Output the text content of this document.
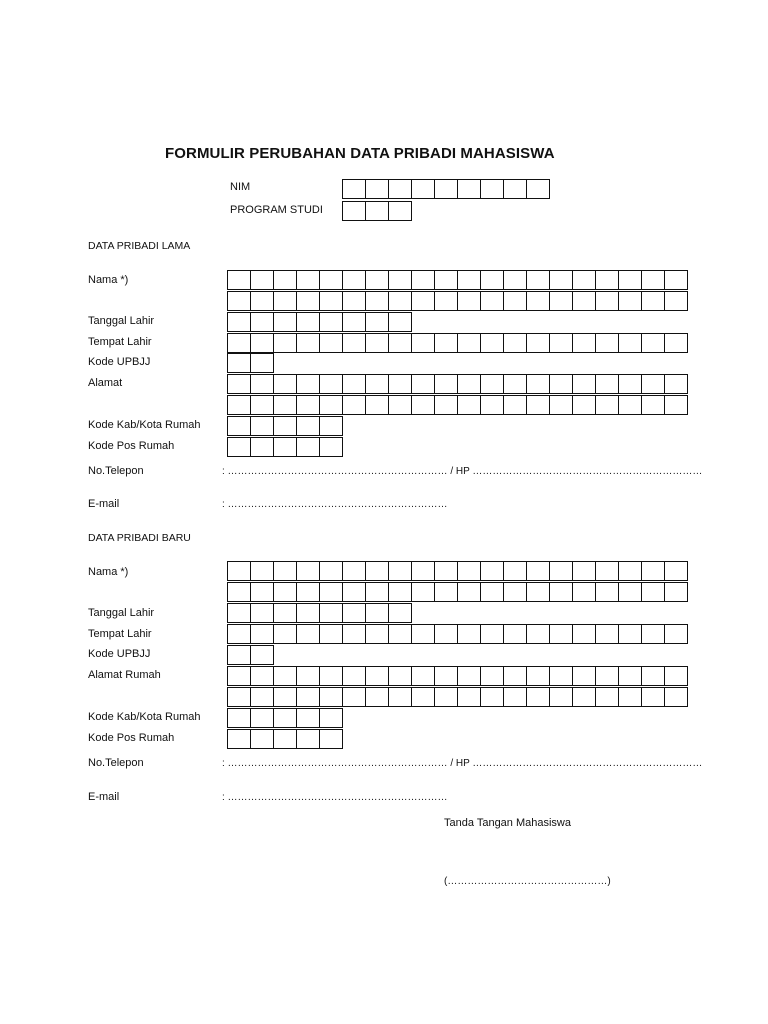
FORMULIR PERUBAHAN DATA PRIBADI MAHASISWA
NIM
PROGRAM STUDI
DATA PRIBADI LAMA
Nama *)
Tanggal Lahir
Tempat Lahir
Kode UPBJJ
Alamat
Kode Kab/Kota Rumah
Kode Pos Rumah
No.Telepon	: ………………………………………………………… / HP ……………………………………………………………
E-mail	: …………………………………………………………
DATA PRIBADI BARU
Nama *)
Tanggal Lahir
Tempat Lahir
Kode UPBJJ
Alamat Rumah
Kode Kab/Kota Rumah
Kode Pos Rumah
No.Telepon	: ………………………………………………………… / HP ……………………………………………………………
E-mail	: …………………………………………………………
Tanda Tangan Mahasiswa
(…………………………………………)
